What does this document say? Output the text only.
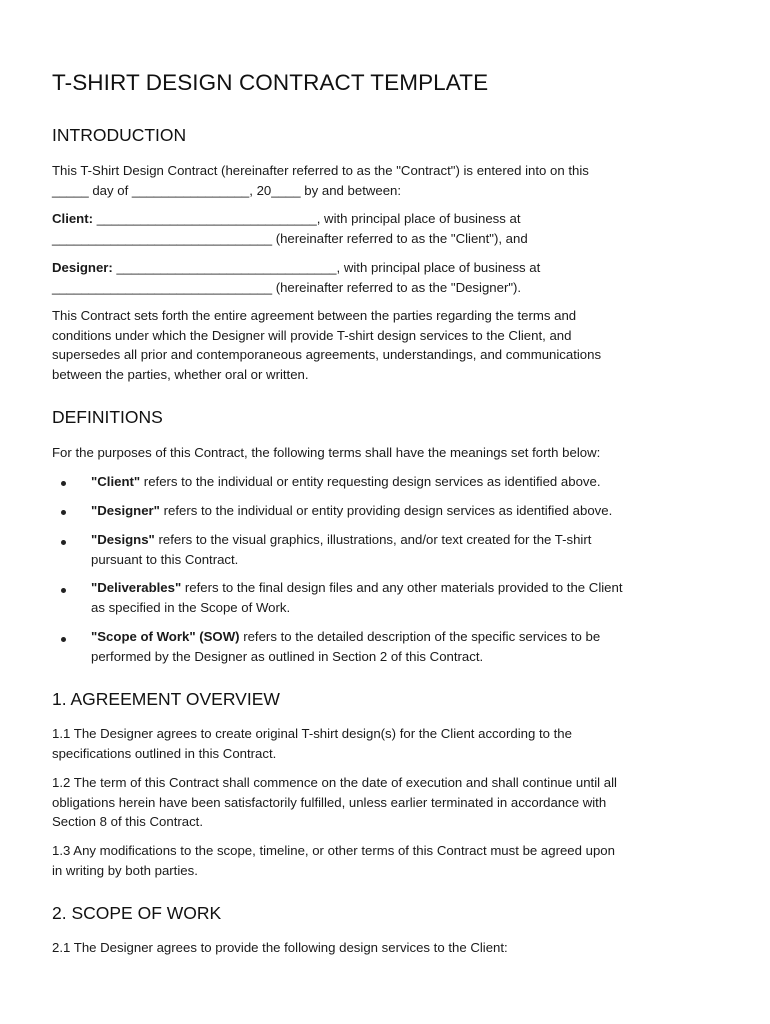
T-SHIRT DESIGN CONTRACT TEMPLATE
INTRODUCTION

This T-Shirt Design Contract (hereinafter referred to as the "Contract") is entered into on this
_____ day of ________________, 20____ by and between:

Client: ______________________________, with principal place of business at
______________________________ (hereinafter referred to as the "Client"), and

Designer: ______________________________, with principal place of business at
______________________________ (hereinafter referred to as the "Designer").

This Contract sets forth the entire agreement between the parties regarding the terms and
conditions under which the Designer will provide T-shirt design services to the Client, and
supersedes all prior and contemporaneous agreements, understandings, and communications
between the parties, whether oral or written.

DEFINITIONS

For the purposes of this Contract, the following terms shall have the meanings set forth below:

"Client" refers to the individual or entity requesting design services as identified above.
"Designer" refers to the individual or entity providing design services as identified above.
"Designs" refers to the visual graphics, illustrations, and/or text created for the T-shirt
pursuant to this Contract.
"Deliverables" refers to the final design files and any other materials provided to the Client
as specified in the Scope of Work.
"Scope of Work" (SOW) refers to the detailed description of the specific services to be
performed by the Designer as outlined in Section 2 of this Contract.
1. AGREEMENT OVERVIEW

1.1 The Designer agrees to create original T-shirt design(s) for the Client according to the
specifications outlined in this Contract.

1.2 The term of this Contract shall commence on the date of execution and shall continue until all
obligations herein have been satisfactorily fulfilled, unless earlier terminated in accordance with
Section 8 of this Contract.

1.3 Any modifications to the scope, timeline, or other terms of this Contract must be agreed upon
in writing by both parties.

2. SCOPE OF WORK

2.1 The Designer agrees to provide the following design services to the Client:
